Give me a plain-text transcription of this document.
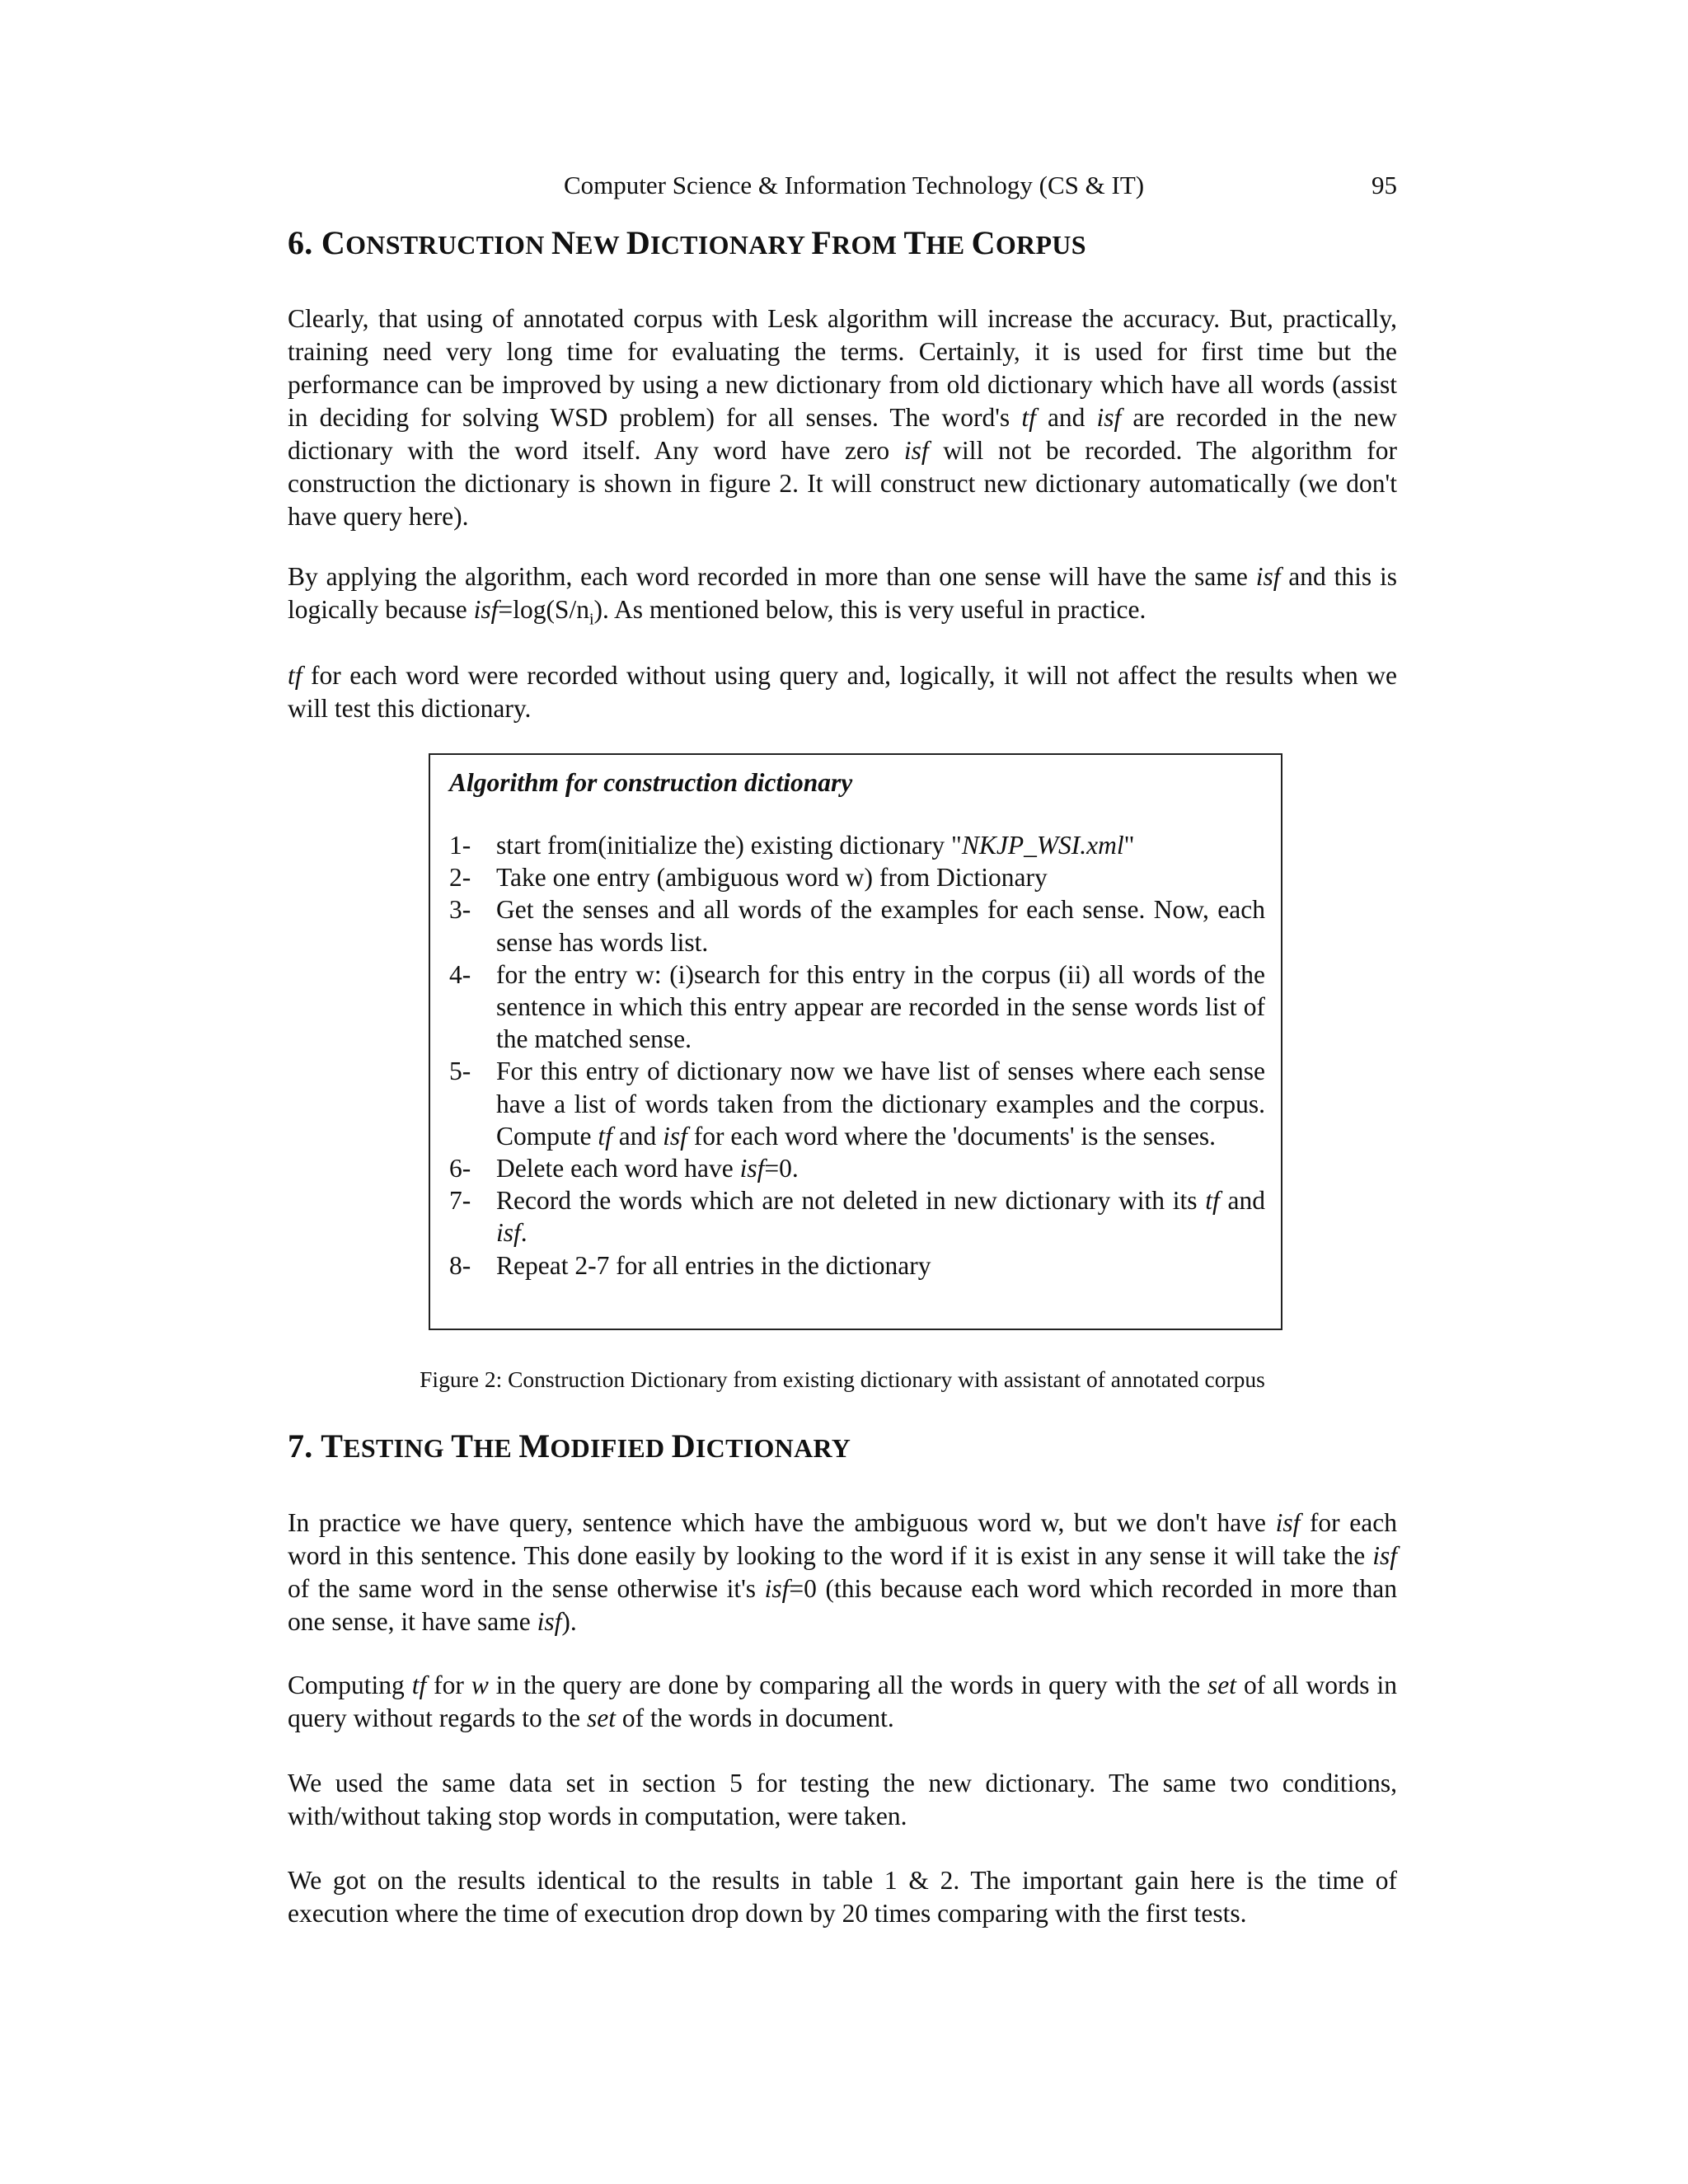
Computer Science & Information Technology (CS & IT)	95
6. CONSTRUCTION NEW DICTIONARY FROM THE CORPUS

Clearly, that using of annotated corpus with Lesk algorithm will increase the accuracy. But, practically, training need very long time for evaluating the terms. Certainly, it is used for first time but the performance can be improved by using a new dictionary from old dictionary which have all words (assist in deciding for solving WSD problem) for all senses. The word's tf and isf are recorded in the new dictionary with the word itself. Any word have zero isf will not be recorded. The algorithm for construction the dictionary is shown in figure 2. It will construct new dictionary automatically (we don't have query here).

By applying the algorithm, each word recorded in more than one sense will have the same isf and this is logically because $isf=\log(S/n_i)$. As mentioned below, this is very useful in practice.

tf for each word were recorded without using query and, logically, it will not affect the results when we will test this dictionary.

Algorithm for construction dictionary
1- start from(initialize the) existing dictionary "NKJP_WSI.xml"
2- Take one entry (ambiguous word w) from Dictionary
3- Get the senses and all words of the examples for each sense. Now, each sense has words list.
4- for the entry w: (i)search for this entry in the corpus (ii) all words of the sentence in which this entry appear are recorded in the sense words list of the matched sense.
5- For this entry of dictionary now we have list of senses where each sense have a list of words taken from the dictionary examples and the corpus. Compute tf and isf for each word where the 'documents' is the senses.
6- Delete each word have isf=0.
7- Record the words which are not deleted in new dictionary with its tf and isf.
8- Repeat 2-7 for all entries in the dictionary
Figure 2: Construction Dictionary from existing dictionary with assistant of annotated corpus
7. TESTING THE MODIFIED DICTIONARY

In practice we have query, sentence which have the ambiguous word w, but we don't have isf for each word in this sentence. This done easily by looking to the word if it is exist in any sense it will take the isf of the same word in the sense otherwise it's isf=0 (this because each word which recorded in more than one sense, it have same isf).

Computing tf for w in the query are done by comparing all the words in query with the set of all words in query without regards to the set of the words in document.

We used the same data set in section 5 for testing the new dictionary. The same two conditions, with/without taking stop words in computation, were taken.

We got on the results identical to the results in table 1 & 2. The important gain here is the time of execution where the time of execution drop down by 20 times comparing with the first tests.
